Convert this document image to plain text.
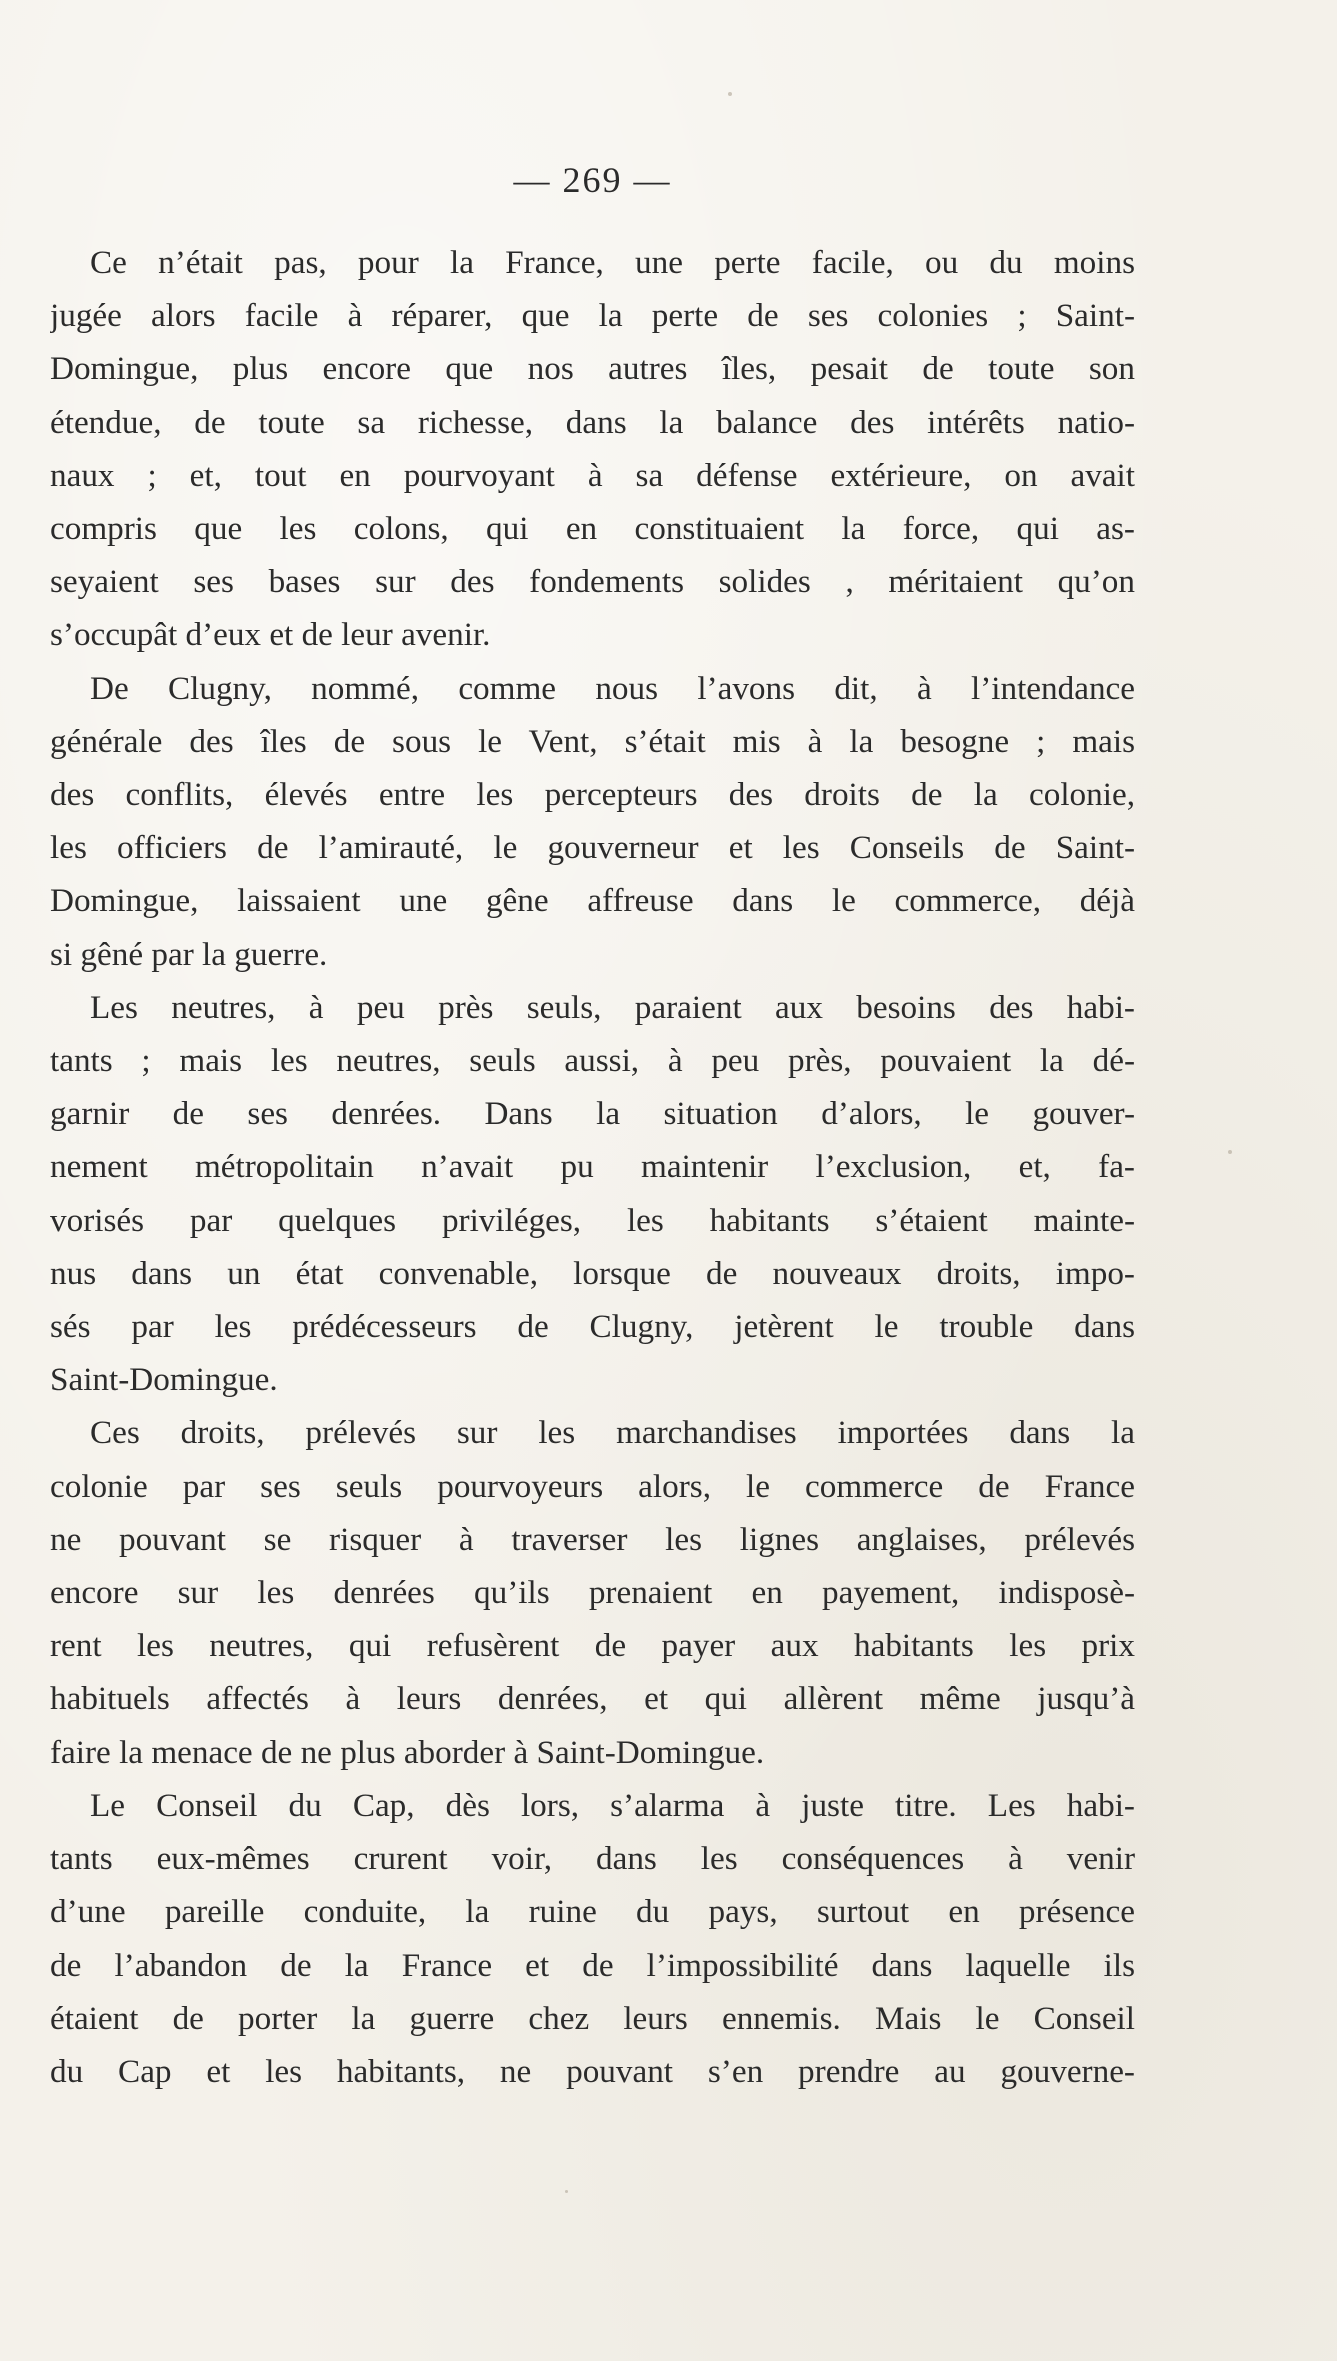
— 269 —

Ce n’était pas, pour la France, une perte facile, ou du moins
jugée alors facile à réparer, que la perte de ses colonies ; Saint-
Domingue, plus encore que nos autres îles, pesait de toute son
étendue, de toute sa richesse, dans la balance des intérêts natio-
naux ; et, tout en pourvoyant à sa défense extérieure, on avait
compris que les colons, qui en constituaient la force, qui as-
seyaient ses bases sur des fondements solides , méritaient qu’on
s’occupât d’eux et de leur avenir.

De Clugny, nommé, comme nous l’avons dit, à l’intendance
générale des îles de sous le Vent, s’était mis à la besogne ; mais
des conflits, élevés entre les percepteurs des droits de la colonie,
les officiers de l’amirauté, le gouverneur et les Conseils de Saint-
Domingue, laissaient une gêne affreuse dans le commerce, déjà
si gêné par la guerre.

Les neutres, à peu près seuls, paraient aux besoins des habi-
tants ; mais les neutres, seuls aussi, à peu près, pouvaient la dé-
garnir de ses denrées. Dans la situation d’alors, le gouver-
nement métropolitain n’avait pu maintenir l’exclusion, et, fa-
vorisés par quelques priviléges, les habitants s’étaient mainte-
nus dans un état convenable, lorsque de nouveaux droits, impo-
sés par les prédécesseurs de Clugny, jetèrent le trouble dans
Saint-Domingue.

Ces droits, prélevés sur les marchandises importées dans la
colonie par ses seuls pourvoyeurs alors, le commerce de France
ne pouvant se risquer à traverser les lignes anglaises, prélevés
encore sur les denrées qu’ils prenaient en payement, indisposè-
rent les neutres, qui refusèrent de payer aux habitants les prix
habituels affectés à leurs denrées, et qui allèrent même jusqu’à
faire la menace de ne plus aborder à Saint-Domingue.

Le Conseil du Cap, dès lors, s’alarma à juste titre. Les habi-
tants eux-mêmes crurent voir, dans les conséquences à venir
d’une pareille conduite, la ruine du pays, surtout en présence
de l’abandon de la France et de l’impossibilité dans laquelle ils
étaient de porter la guerre chez leurs ennemis. Mais le Conseil
du Cap et les habitants, ne pouvant s’en prendre au gouverne-
